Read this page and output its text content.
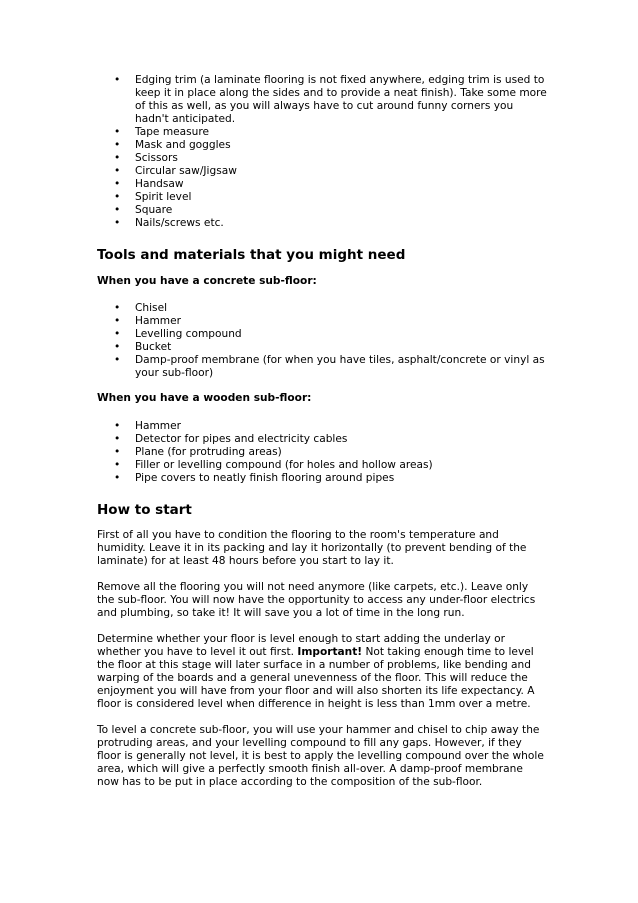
• Edging trim (a laminate flooring is not fixed anywhere, edging trim is used to keep it in place along the sides and to provide a neat finish). Take some more of this as well, as you will always have to cut around funny corners you hadn't anticipated.
• Tape measure
• Mask and goggles
• Scissors
• Circular saw/Jigsaw
• Handsaw
• Spirit level
• Square
• Nails/screws etc.
Tools and materials that you might need

When you have a concrete sub-floor:

• Chisel
• Hammer
• Levelling compound
• Bucket
• Damp-proof membrane (for when you have tiles, asphalt/concrete or vinyl as your sub-floor)

When you have a wooden sub-floor:

• Hammer
• Detector for pipes and electricity cables
• Plane (for protruding areas)
• Filler or levelling compound (for holes and hollow areas)
• Pipe covers to neatly finish flooring around pipes
How to start

First of all you have to condition the flooring to the room's temperature and humidity. Leave it in its packing and lay it horizontally (to prevent bending of the laminate) for at least 48 hours before you start to lay it.

Remove all the flooring you will not need anymore (like carpets, etc.). Leave only the sub-floor. You will now have the opportunity to access any under-floor electrics and plumbing, so take it! It will save you a lot of time in the long run.

Determine whether your floor is level enough to start adding the underlay or whether you have to level it out first. Important! Not taking enough time to level the floor at this stage will later surface in a number of problems, like bending and warping of the boards and a general unevenness of the floor. This will reduce the enjoyment you will have from your floor and will also shorten its life expectancy. A floor is considered level when difference in height is less than 1mm over a metre.

To level a concrete sub-floor, you will use your hammer and chisel to chip away the protruding areas, and your levelling compound to fill any gaps. However, if they floor is generally not level, it is best to apply the levelling compound over the whole area, which will give a perfectly smooth finish all-over. A damp-proof membrane now has to be put in place according to the composition of the sub-floor.
